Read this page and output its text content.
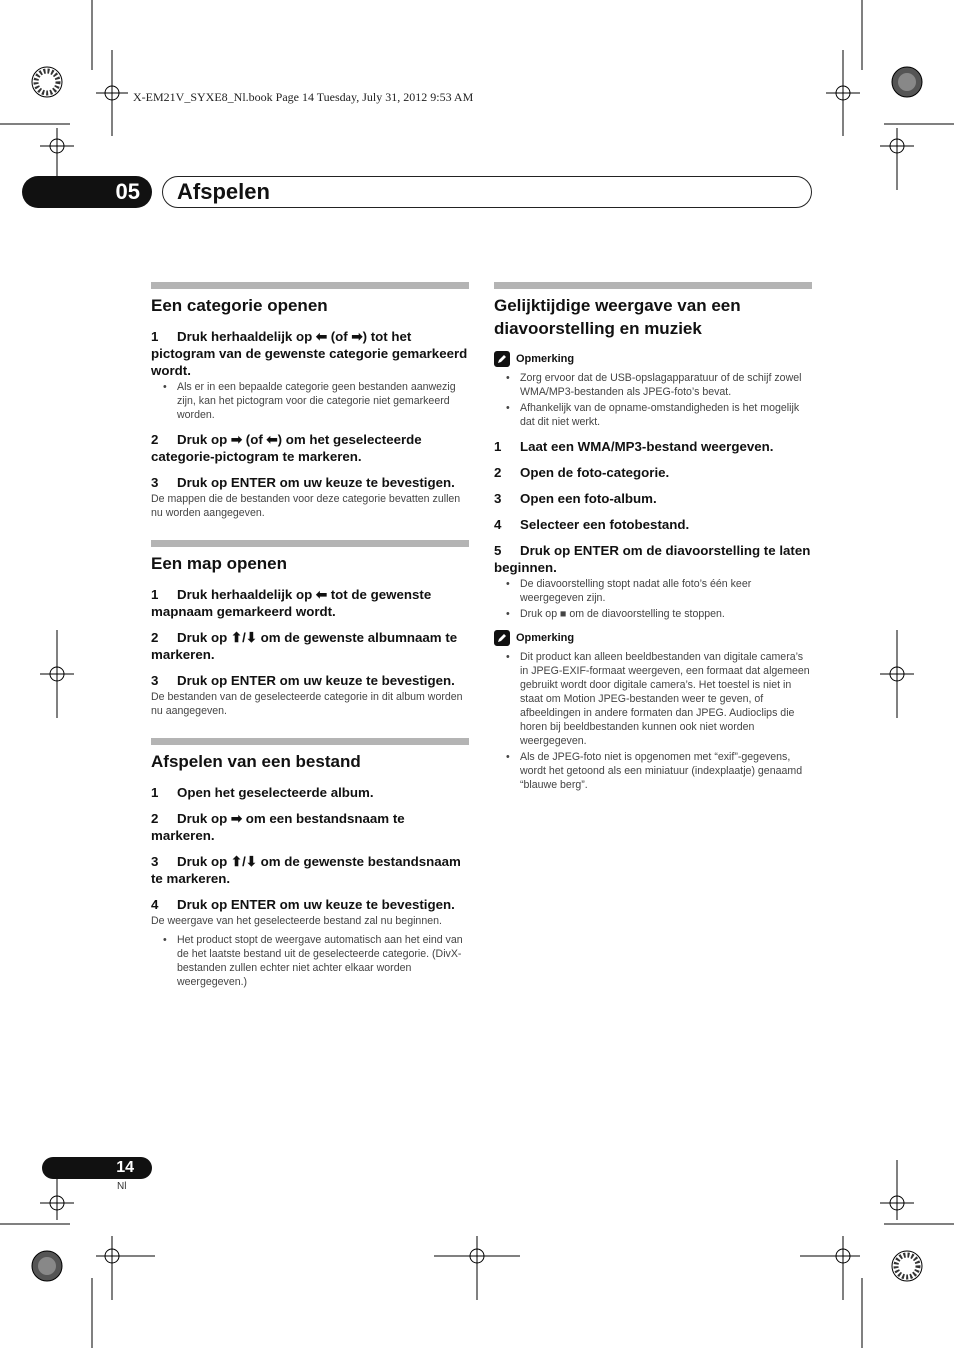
X-EM21V_SYXE8_Nl.book Page 14 Tuesday, July 31, 2012 9:53 AM
05	Afspelen
Een categorie openen
1 Druk herhaaldelijk op ⬅ (of ➡) tot het pictogram van de gewenste categorie gemarkeerd wordt.
• Als er in een bepaalde categorie geen bestanden aanwezig zijn, kan het pictogram voor die categorie niet gemarkeerd worden.
2 Druk op ➡ (of ⬅) om het geselecteerde categorie-pictogram te markeren.
3 Druk op ENTER om uw keuze te bevestigen.
De mappen die de bestanden voor deze categorie bevatten zullen nu worden aangegeven.
Een map openen
1 Druk herhaaldelijk op ⬅ tot de gewenste mapnaam gemarkeerd wordt.
2 Druk op ⬆/⬇ om de gewenste albumnaam te markeren.
3 Druk op ENTER om uw keuze te bevestigen.
De bestanden van de geselecteerde categorie in dit album worden nu aangegeven.
Afspelen van een bestand
1 Open het geselecteerde album.
2 Druk op ➡ om een bestandsnaam te markeren.
3 Druk op ⬆/⬇ om de gewenste bestandsnaam te markeren.
4 Druk op ENTER om uw keuze te bevestigen.
De weergave van het geselecteerde bestand zal nu beginnen.
• Het product stopt de weergave automatisch aan het eind van de het laatste bestand uit de geselecteerde categorie. (DivX-bestanden zullen echter niet achter elkaar worden weergegeven.)
Gelijktijdige weergave van een diavoorstelling en muziek
Opmerking
• Zorg ervoor dat de USB-opslagapparatuur of de schijf zowel WMA/MP3-bestanden als JPEG-foto’s bevat.
• Afhankelijk van de opname-omstandigheden is het mogelijk dat dit niet werkt.
1 Laat een WMA/MP3-bestand weergeven.
2 Open de foto-categorie.
3 Open een foto-album.
4 Selecteer een fotobestand.
5 Druk op ENTER om de diavoorstelling te laten beginnen.
• De diavoorstelling stopt nadat alle foto’s één keer weergegeven zijn.
• Druk op ■ om de diavoorstelling te stoppen.
Opmerking
• Dit product kan alleen beeldbestanden van digitale camera’s in JPEG-EXIF-formaat weergeven, een formaat dat algemeen gebruikt wordt door digitale camera’s. Het toestel is niet in staat om Motion JPEG-bestanden weer te geven, of afbeeldingen in andere formaten dan JPEG. Audioclips die horen bij beeldbestanden kunnen ook niet worden weergegeven.
• Als de JPEG-foto niet is opgenomen met “exif”-gegevens, wordt het getoond als een miniatuur (indexplaatje) genaamd “blauwe berg”.
14
Nl
